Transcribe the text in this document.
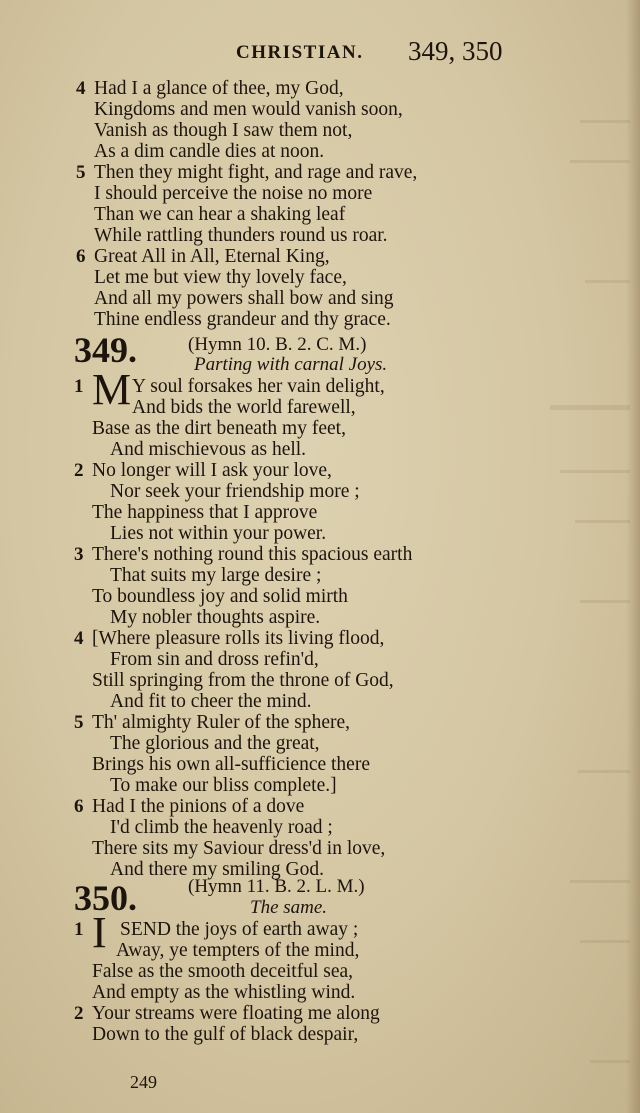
CHRISTIAN. 349, 350
4 Had I a glance of thee, my God,
Kingdoms and men would vanish soon,
Vanish as though I saw them not,
As a dim candle dies at noon.
5 Then they might fight, and rage and rave,
I should perceive the noise no more
Than we can hear a shaking leaf
While rattling thunders round us roar.
6 Great All in All, Eternal King,
Let me but view thy lovely face,
And all my powers shall bow and sing
Thine endless grandeur and thy grace.
349.	(Hymn 10. B. 2. C. M.)
Parting with carnal Joys.
1 M Y soul forsakes her vain delight,
And bids the world farewell,
Base as the dirt beneath my feet,
And mischievous as hell.
2 No longer will I ask your love,
Nor seek your friendship more ;
The happiness that I approve
Lies not within your power.
3 There's nothing round this spacious earth
That suits my large desire ;
To boundless joy and solid mirth
My nobler thoughts aspire.
4 [Where pleasure rolls its living flood,
From sin and dross refin'd,
Still springing from the throne of God,
And fit to cheer the mind.
5 Th' almighty Ruler of the sphere,
The glorious and the great,
Brings his own all-sufficience there
To make our bliss complete.]
6 Had I the pinions of a dove
I'd climb the heavenly road ;
There sits my Saviour dress'd in love,
And there my smiling God.
350.	(Hymn 11. B. 2. L. M.)
The same.
1 I SEND the joys of earth away ;
Away, ye tempters of the mind,
False as the smooth deceitful sea,
And empty as the whistling wind.
2 Your streams were floating me along
Down to the gulf of black despair,
249
